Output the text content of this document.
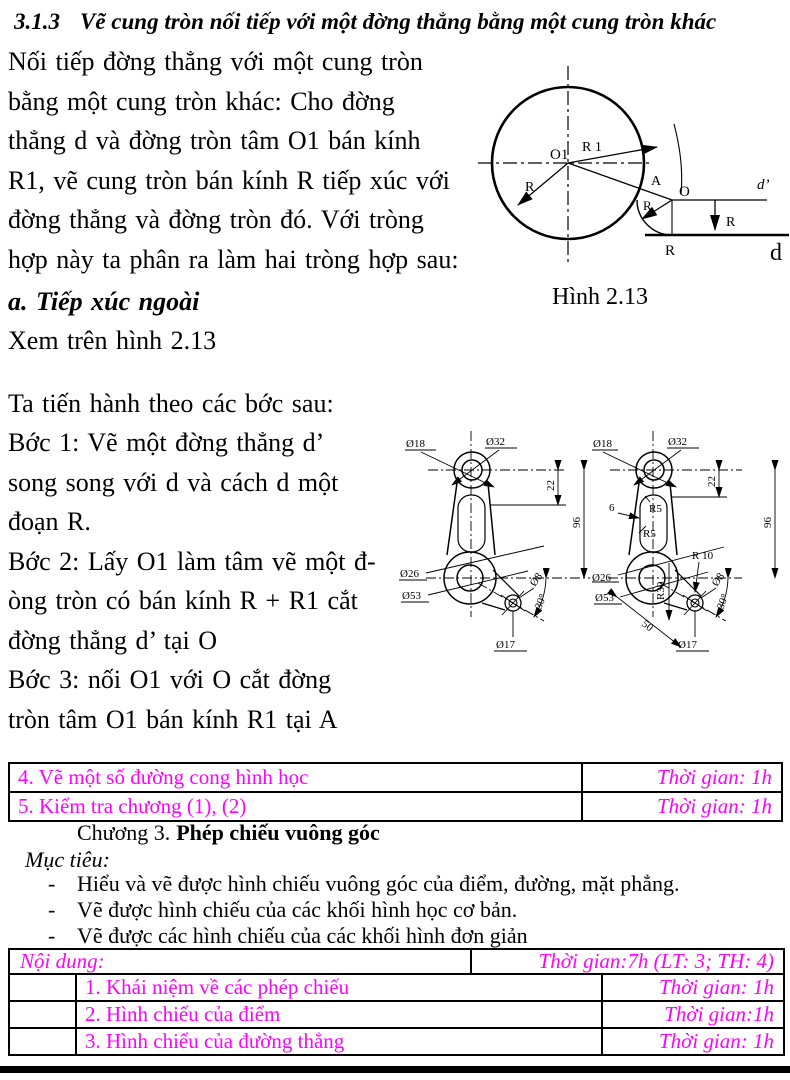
3.1.3 Vẽ cung tròn nối tiếp với một đờng thẳng bằng một cung tròn khác
Nối tiếp đờng thẳng với một cung tròn
bằng một cung tròn khác: Cho đờng
thẳng d và đờng tròn tâm O1 bán kính
R1, vẽ cung tròn bán kính R tiếp xúc với
đờng thẳng và đờng tròn đó. Với tròng
hợp này ta phân ra làm hai tròng hợp sau:
O1 R 1
R	A
O
R
d’
R
R	d
Hình 2.13
a. Tiếp xúc ngoài
Xem trên hình 2.13
Ta tiến hành theo các bớc sau:
Bớc 1: Vẽ một đờng thẳng d’
song song với d và cách d một
đoạn R.
Bớc 2: Lấy O1 làm tâm vẽ một đ-
òng tròn có bán kính R + R1 cắt
đờng thẳng d’ tại O
Bớc 3: nối O1 với O cắt đờng
tròn tâm O1 bán kính R1 tại A
Ø18	Ø32
22
96
Ø26
Ø53
Ø8
30°
Ø17
Ø18	Ø32
22
96
6	R5
R5
R 10
Ø26
Ø53	R30
50
Ø8
30°
Ø17
4. Vẽ một số đường cong hình học	Thời gian: 1h
5. Kiểm tra chương (1), (2)	Thời gian: 1h
Chương 3. Phép chiếu vuông góc
Mục tiêu:
- Hiểu và vẽ được hình chiếu vuông góc của điểm, đường, mặt phẳng.
- Vẽ được hình chiếu của các khối hình học cơ bản.
- Vẽ được các hình chiếu của các khối hình đơn giản
Nội dung:	Thời gian:7h (LT: 3; TH: 4)
1. Khái niệm về các phép chiếu	Thời gian: 1h
2. Hình chiếu của điểm	Thời gian:1h
3. Hình chiếu của đường thẳng	Thời gian: 1h
